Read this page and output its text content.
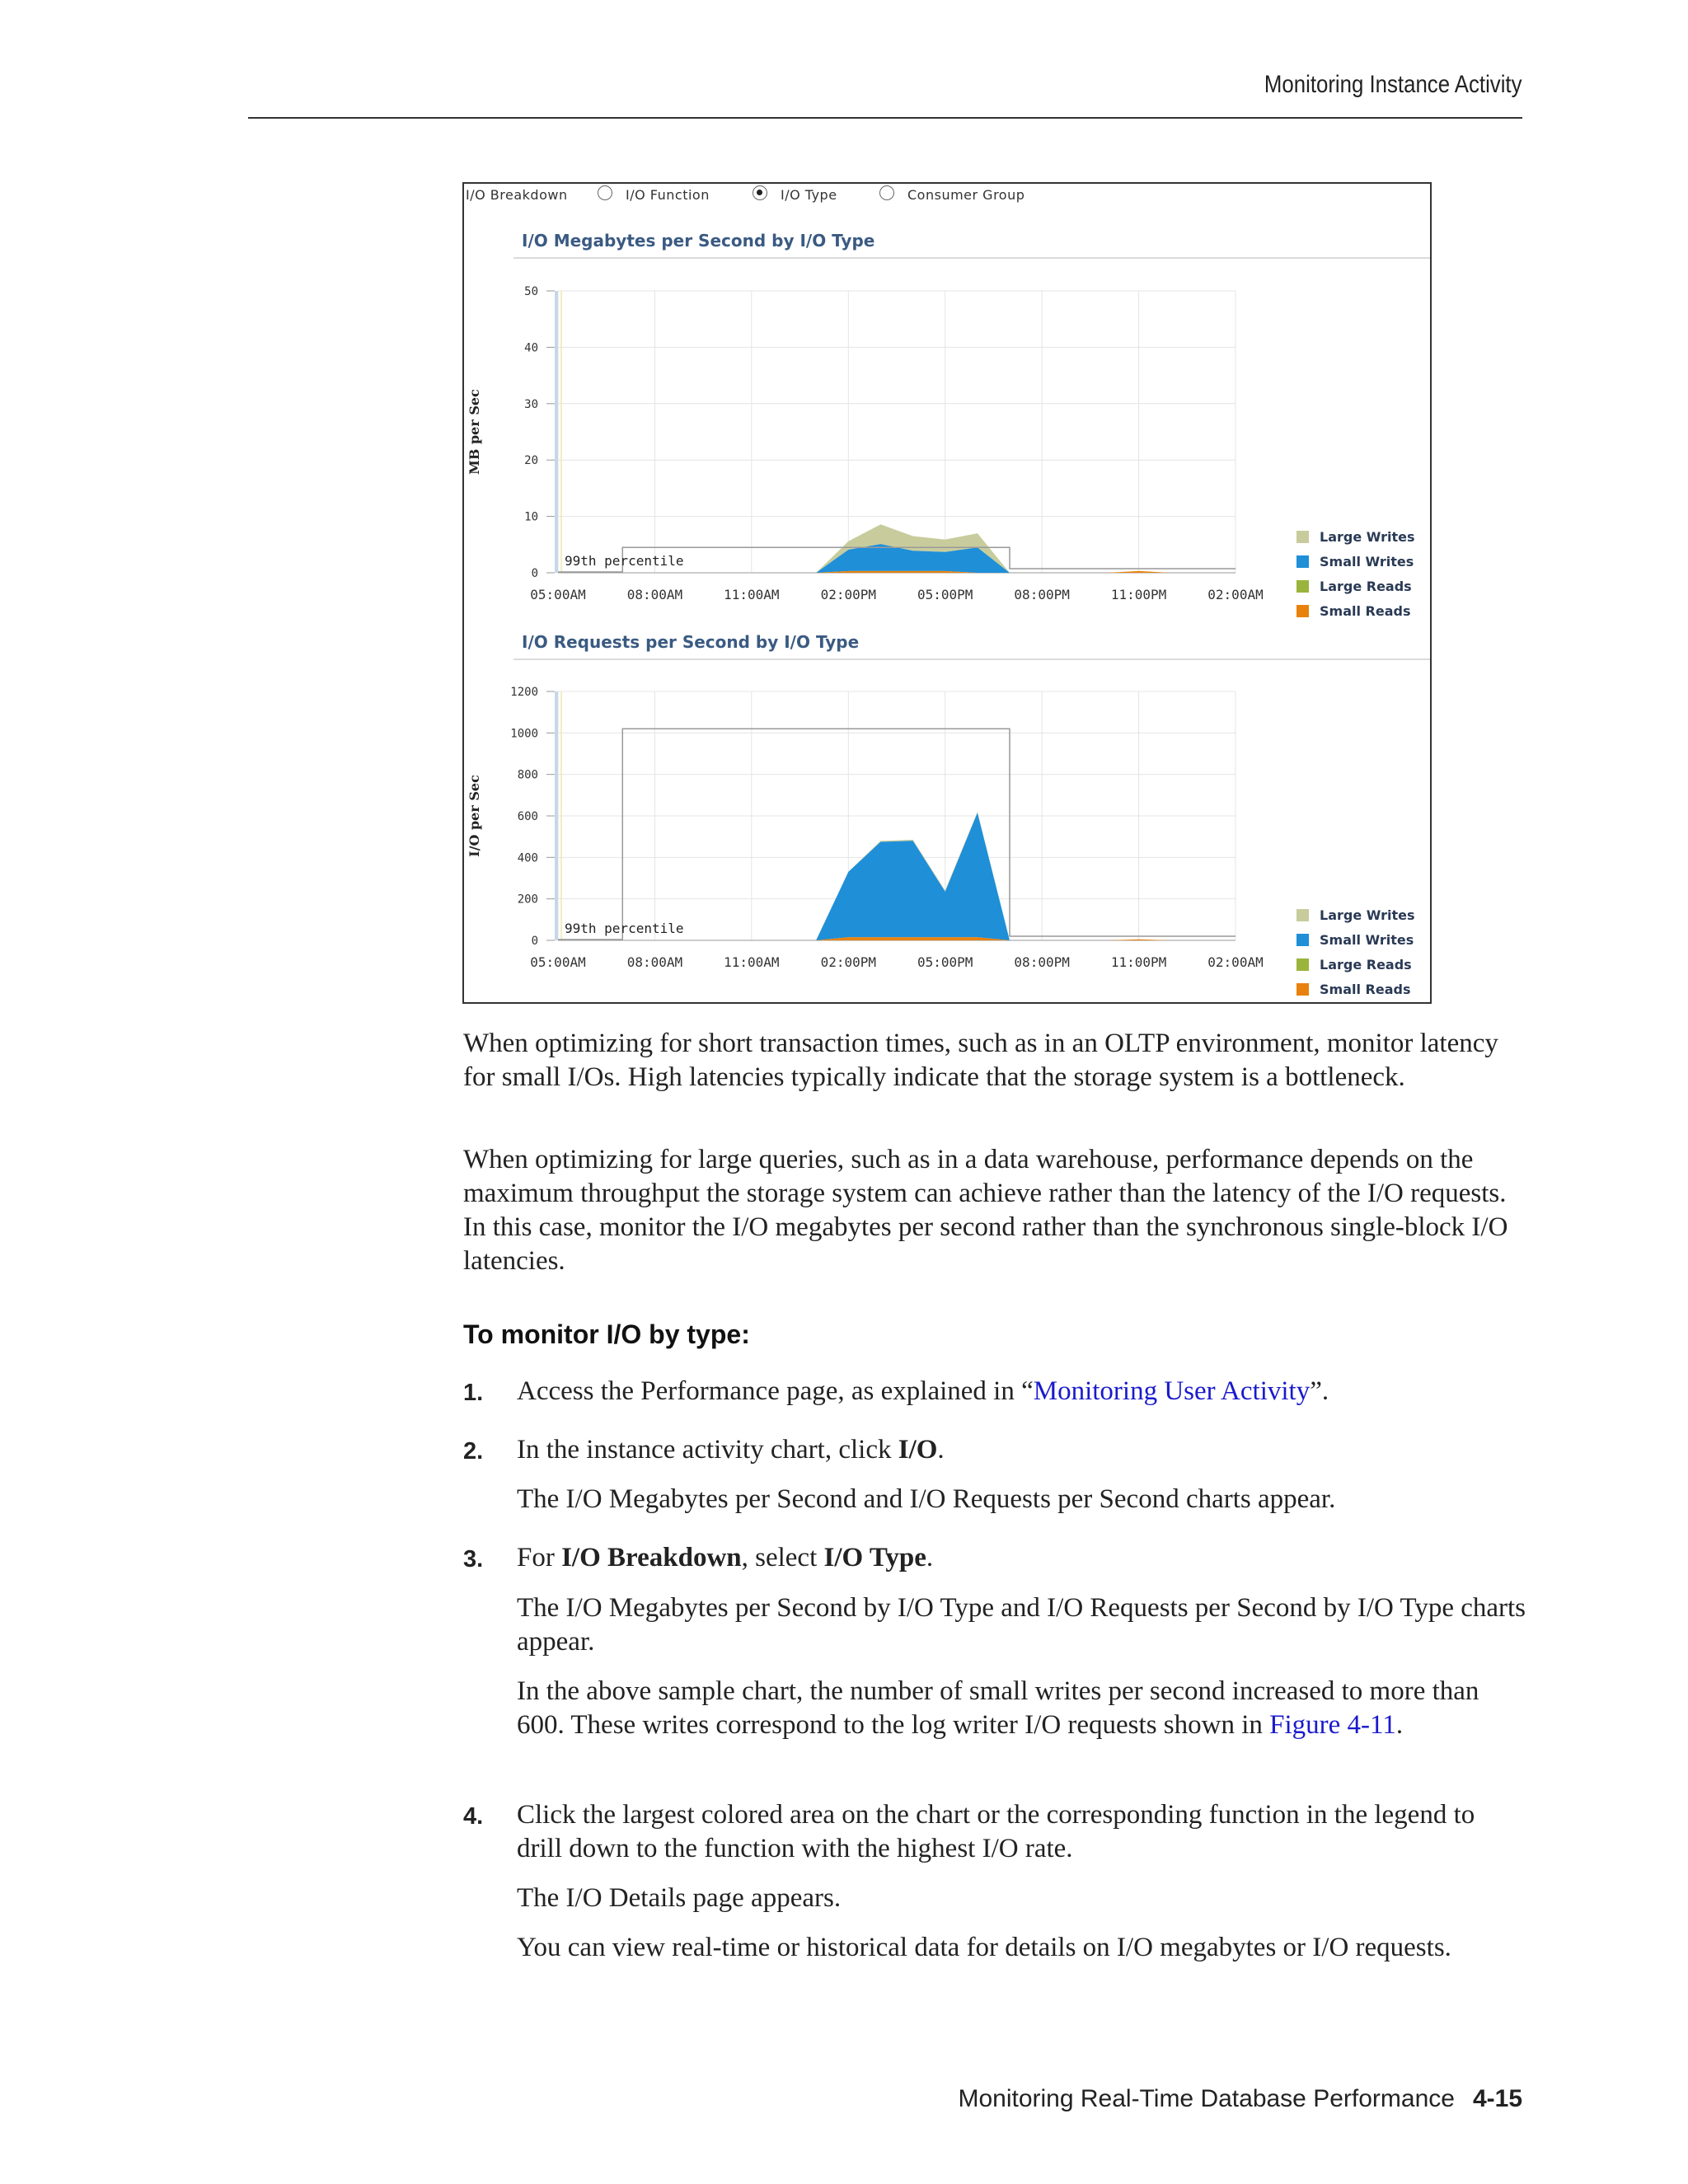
Monitoring Instance Activity
I/O Breakdown	I/O Function	I/O Type	Consumer Group
I/O Megabytes per Second by I/O Type
0
10
20
30
40
50
05:00AM	08:00AM	11:00AM	02:00PM	05:00PM	08:00PM	11:00PM	02:00AM
MB per Sec
99th percentile
Large Writes
Small Writes
Large Reads
Small Reads
I/O Requests per Second by I/O Type
0
200
400
600
800
1000
1200
05:00AM	08:00AM	11:00AM	02:00PM	05:00PM	08:00PM	11:00PM	02:00AM
I/O per Sec
99th percentile
Large Writes
Small Writes
Large Reads
Small Reads

When optimizing for short transaction times, such as in an OLTP environment, monitor latency for small I/Os. High latencies typically indicate that the storage system is a bottleneck.

When optimizing for large queries, such as in a data warehouse, performance depends on the maximum throughput the storage system can achieve rather than the latency of the I/O requests. In this case, monitor the I/O megabytes per second rather than the synchronous single-block I/O latencies.

To monitor I/O by type:
1. Access the Performance page, as explained in “Monitoring User Activity”.

2. In the instance activity chart, click I/O.

The I/O Megabytes per Second and I/O Requests per Second charts appear.

3. For I/O Breakdown, select I/O Type.

The I/O Megabytes per Second by I/O Type and I/O Requests per Second by I/O Type charts appear.

In the above sample chart, the number of small writes per second increased to more than 600. These writes correspond to the log writer I/O requests shown in Figure 4-11.

4. Click the largest colored area on the chart or the corresponding function in the legend to drill down to the function with the highest I/O rate.

The I/O Details page appears.

You can view real-time or historical data for details on I/O megabytes or I/O requests.

Monitoring Real-Time Database Performance 4-15
